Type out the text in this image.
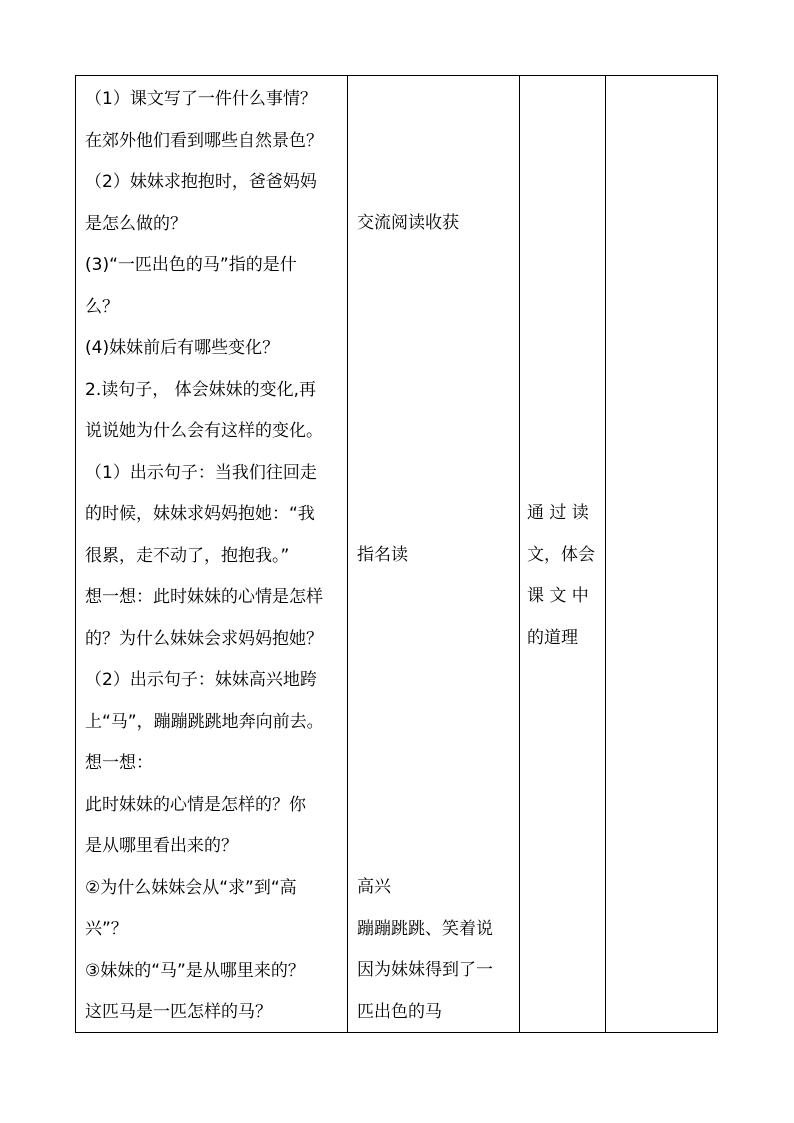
（1）课文写了一件什么事情？

在郊外他们看到哪些自然景色？

（2）妹妹求抱抱时，爸爸妈妈

是怎么做的？

(3)“一匹出色的马”指的是什

么？

(4)妹妹前后有哪些变化？

2.读句子， 体会妹妹的变化,再

说说她为什么会有这样的变化。

（1）出示句子：当我们往回走

的时候，妹妹求妈妈抱她：“我

很累，走不动了，抱抱我。”

想一想：此时妹妹的心情是怎样

的？为什么妹妹会求妈妈抱她？

（2）出示句子：妹妹高兴地跨

上“马”，蹦蹦跳跳地奔向前去。

想一想：

此时妹妹的心情是怎样的？你

是从哪里看出来的？

②为什么妹妹会从“求”到“高

兴”？

③妹妹的“马”是从哪里来的？

这匹马是一匹怎样的马？

交流阅读收获

指名读

高兴

蹦蹦跳跳、笑着说

因为妹妹得到了一

匹出色的马

通 过 读

文，体会

课 文 中

的道理
